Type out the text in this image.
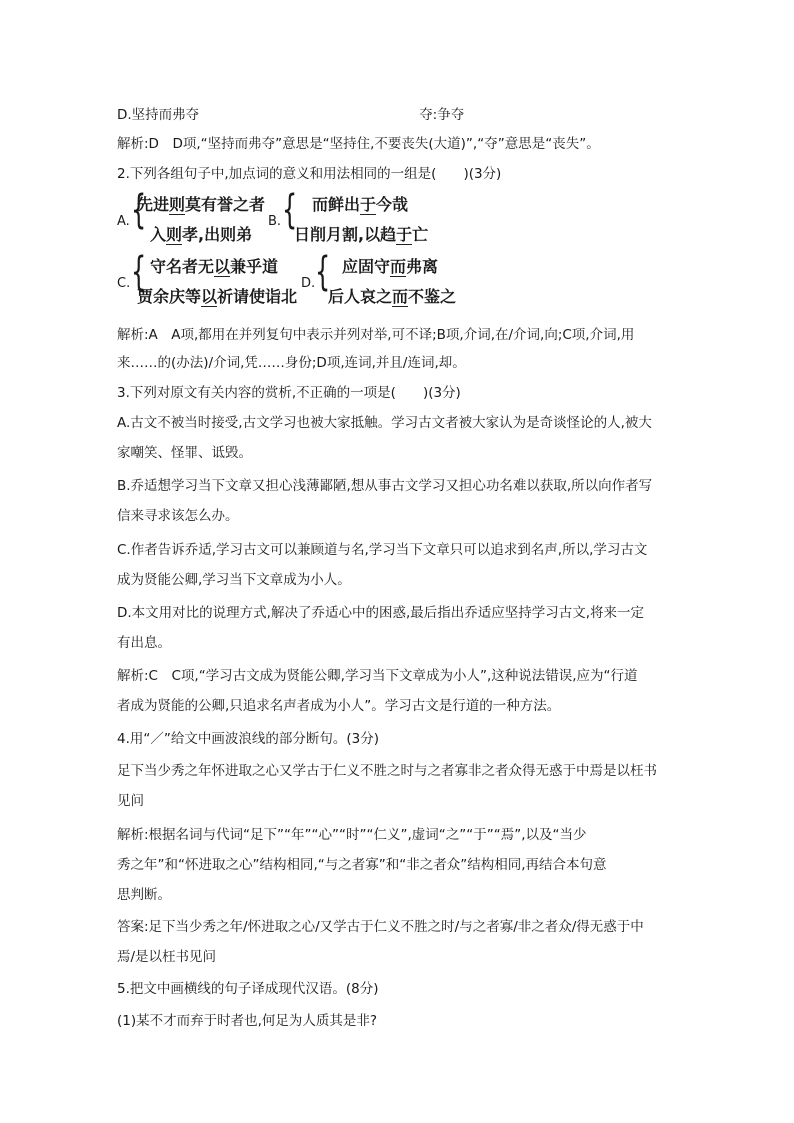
D.坚持而弗夺	夺:争夺
解析:D　D项,“坚持而弗夺”意思是“坚持住,不要丧失(大道)”,“夺”意思是“丧失”。
2.下列各组句子中,加点词的意义和用法相同的一组是(　　)(3分)
A. {
先进则莫有誉之者
入则孝,出则弟
B. { 而鲜出于今哉
日削月割,以趋于亡
C. { 守名者无以兼乎道
贾余庆等以祈请使诣北
D. { 应固守而弗离
后人哀之而不鉴之
解析:A　A项,都用在并列复句中表示并列对举,可不译;B项,介词,在/介词,向;C项,介词,用
来……的(办法)/介词,凭……身份;D项,连词,并且/连词,却。
3.下列对原文有关内容的赏析,不正确的一项是(　　)(3分)
A.古文不被当时接受,古文学习也被大家抵触。学习古文者被大家认为是奇谈怪论的人,被大
家嘲笑、怪罪、诋毁。
B.乔适想学习当下文章又担心浅薄鄙陋,想从事古文学习又担心功名难以获取,所以向作者写
信来寻求该怎么办。
C.作者告诉乔适,学习古文可以兼顾道与名,学习当下文章只可以追求到名声,所以,学习古文
成为贤能公卿,学习当下文章成为小人。
D.本文用对比的说理方式,解决了乔适心中的困惑,最后指出乔适应坚持学习古文,将来一定
有出息。
解析:C　C项,“学习古文成为贤能公卿,学习当下文章成为小人”,这种说法错误,应为“行道
者成为贤能的公卿,只追求名声者成为小人”。学习古文是行道的一种方法。
4.用“／”给文中画波浪线的部分断句。(3分)
足下当少秀之年怀进取之心又学古于仁义不胜之时与之者寡非之者众得无惑于中焉是以枉书
见问
解析:根据名词与代词“足下”“年”“心”“时”“仁义”,虚词“之”“于”“焉”,以及“当少
秀之年”和“怀进取之心”结构相同,“与之者寡”和“非之者众”结构相同,再结合本句意
思判断。
答案:足下当少秀之年/怀进取之心/又学古于仁义不胜之时/与之者寡/非之者众/得无惑于中
焉/是以枉书见问
5.把文中画横线的句子译成现代汉语。(8分)
(1)某不才而弃于时者也,何足为人质其是非?
